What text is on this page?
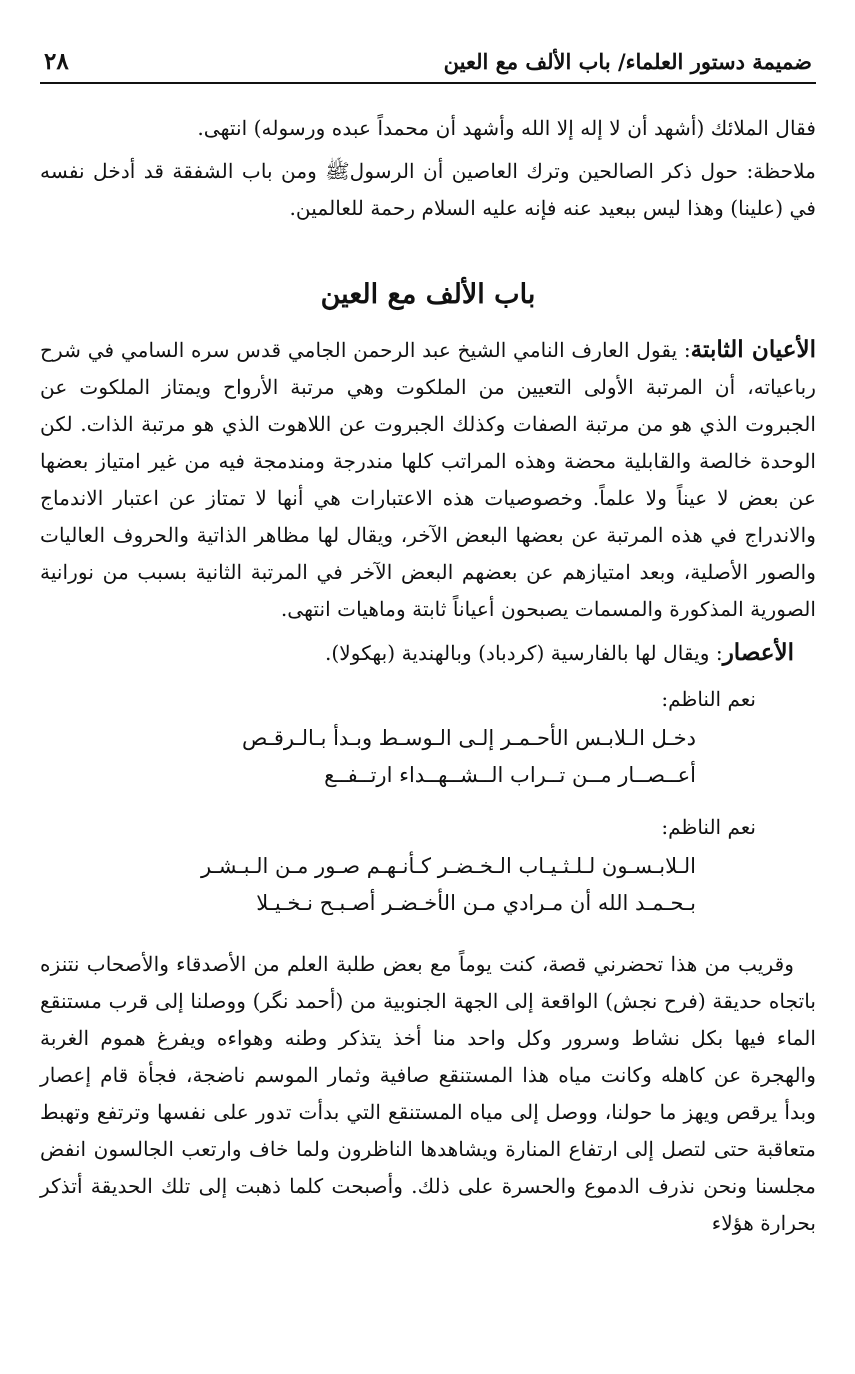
ضميمة دستور العلماء/ باب الألف مع العين
٢٨

فقال الملائك (أشهد أن لا إله إلا الله وأشهد أن محمداً عبده ورسوله) انتهى.

ملاحظة: حول ذكر الصالحين وترك العاصين أن الرسولﷺ ومن باب الشفقة قد أدخل نفسه في (علينا) وهذا ليس ببعيد عنه فإنه عليه السلام رحمة للعالمين.

باب الألف مع العين

الأعيان الثابتة: يقول العارف النامي الشيخ عبد الرحمن الجامي قدس سره السامي في شرح رباعياته، أن المرتبة الأولى التعيين من الملكوت وهي مرتبة الأرواح ويمتاز الملكوت عن الجبروت الذي هو من مرتبة الصفات وكذلك الجبروت عن اللاهوت الذي هو مرتبة الذات. لكن الوحدة خالصة والقابلية محضة وهذه المراتب كلها مندرجة ومندمجة فيه من غير امتياز بعضها عن بعض لا عيناً ولا علماً. وخصوصيات هذه الاعتبارات هي أنها لا تمتاز عن اعتبار الاندماج والاندراج في هذه المرتبة عن بعضها البعض الآخر، ويقال لها مظاهر الذاتية والحروف العاليات والصور الأصلية، وبعد امتيازهم عن بعضهم البعض الآخر في المرتبة الثانية بسبب من نورانية الصورية المذكورة والمسمات يصبحون أعياناً ثابتة وماهيات انتهى.

الأعصار: ويقال لها بالفارسية (كردباد) وبالهندية (بهكولا).

نعم الناظم:

دخـل الـلابـس الأحـمـر إلـى الـوسـط وبـدأ بـالـرقـص
أعــصــار مــن تــراب الــشــهــداء ارتــفــع

نعم الناظم:

الـلابـسـون لـلـثـيـاب الـخـضـر كـأنـهـم صـور مـن الـبـشـر
بـحـمـد الله أن مـرادي مـن الأخـضـر أصـبـح نـخـيـلا

وقريب من هذا تحضرني قصة، كنت يوماً مع بعض طلبة العلم من الأصدقاء والأصحاب نتنزه باتجاه حديقة (فرح نجش) الواقعة إلى الجهة الجنوبية من (أحمد نگر) ووصلنا إلى قرب مستنقع الماء فيها بكل نشاط وسرور وكل واحد منا أخذ يتذكر وطنه وهواءه ويفرغ هموم الغربة والهجرة عن كاهله وكانت مياه هذا المستنقع صافية وثمار الموسم ناضجة، فجأة قام إعصار وبدأ يرقص ويهز ما حولنا، ووصل إلى مياه المستنقع التي بدأت تدور على نفسها وترتفع وتهبط متعاقبة حتى لتصل إلى ارتفاع المنارة ويشاهدها الناظرون ولما خاف وارتعب الجالسون انفض مجلسنا ونحن نذرف الدموع والحسرة على ذلك. وأصبحت كلما ذهبت إلى تلك الحديقة أتذكر بحرارة هؤلاء
